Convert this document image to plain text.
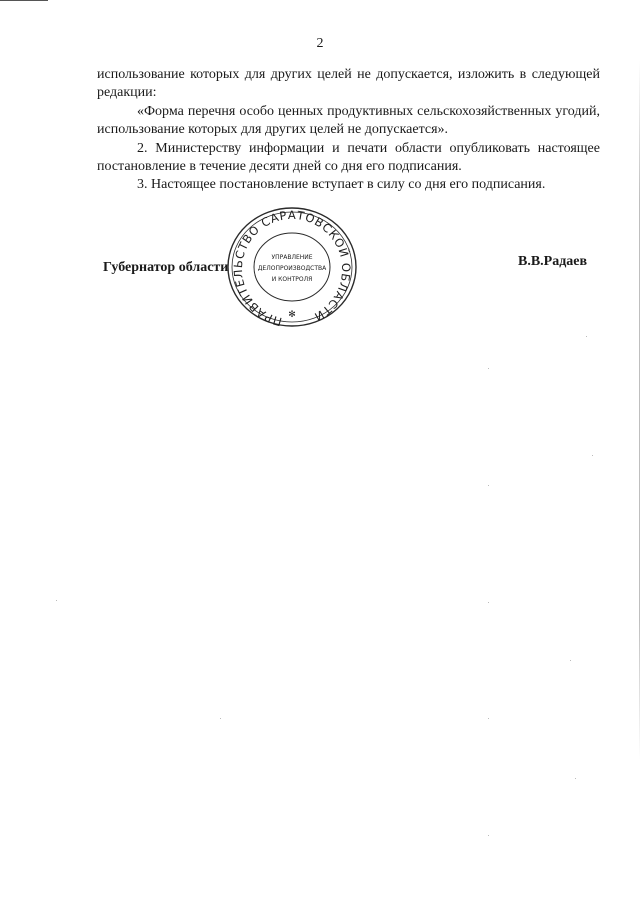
2

использование которых для других целей не допускается, изложить в следующей редакции:

«Форма перечня особо ценных продуктивных сельскохозяйственных угодий, использование которых для других целей не допускается».

2. Министерству информации и печати области опубликовать настоящее постановление в течение десяти дней со дня его подписания.

3. Настоящее постановление вступает в силу со дня его подписания.

Губернатор области	В.В.Радаев
ПРАВИТЕЛЬСТВО САРАТОВСКОЙ ОБЛАСТИ
УПРАВЛЕНИЕ
ДЕЛОПРОИЗВОДСТВА
И КОНТРОЛЯ
✻
